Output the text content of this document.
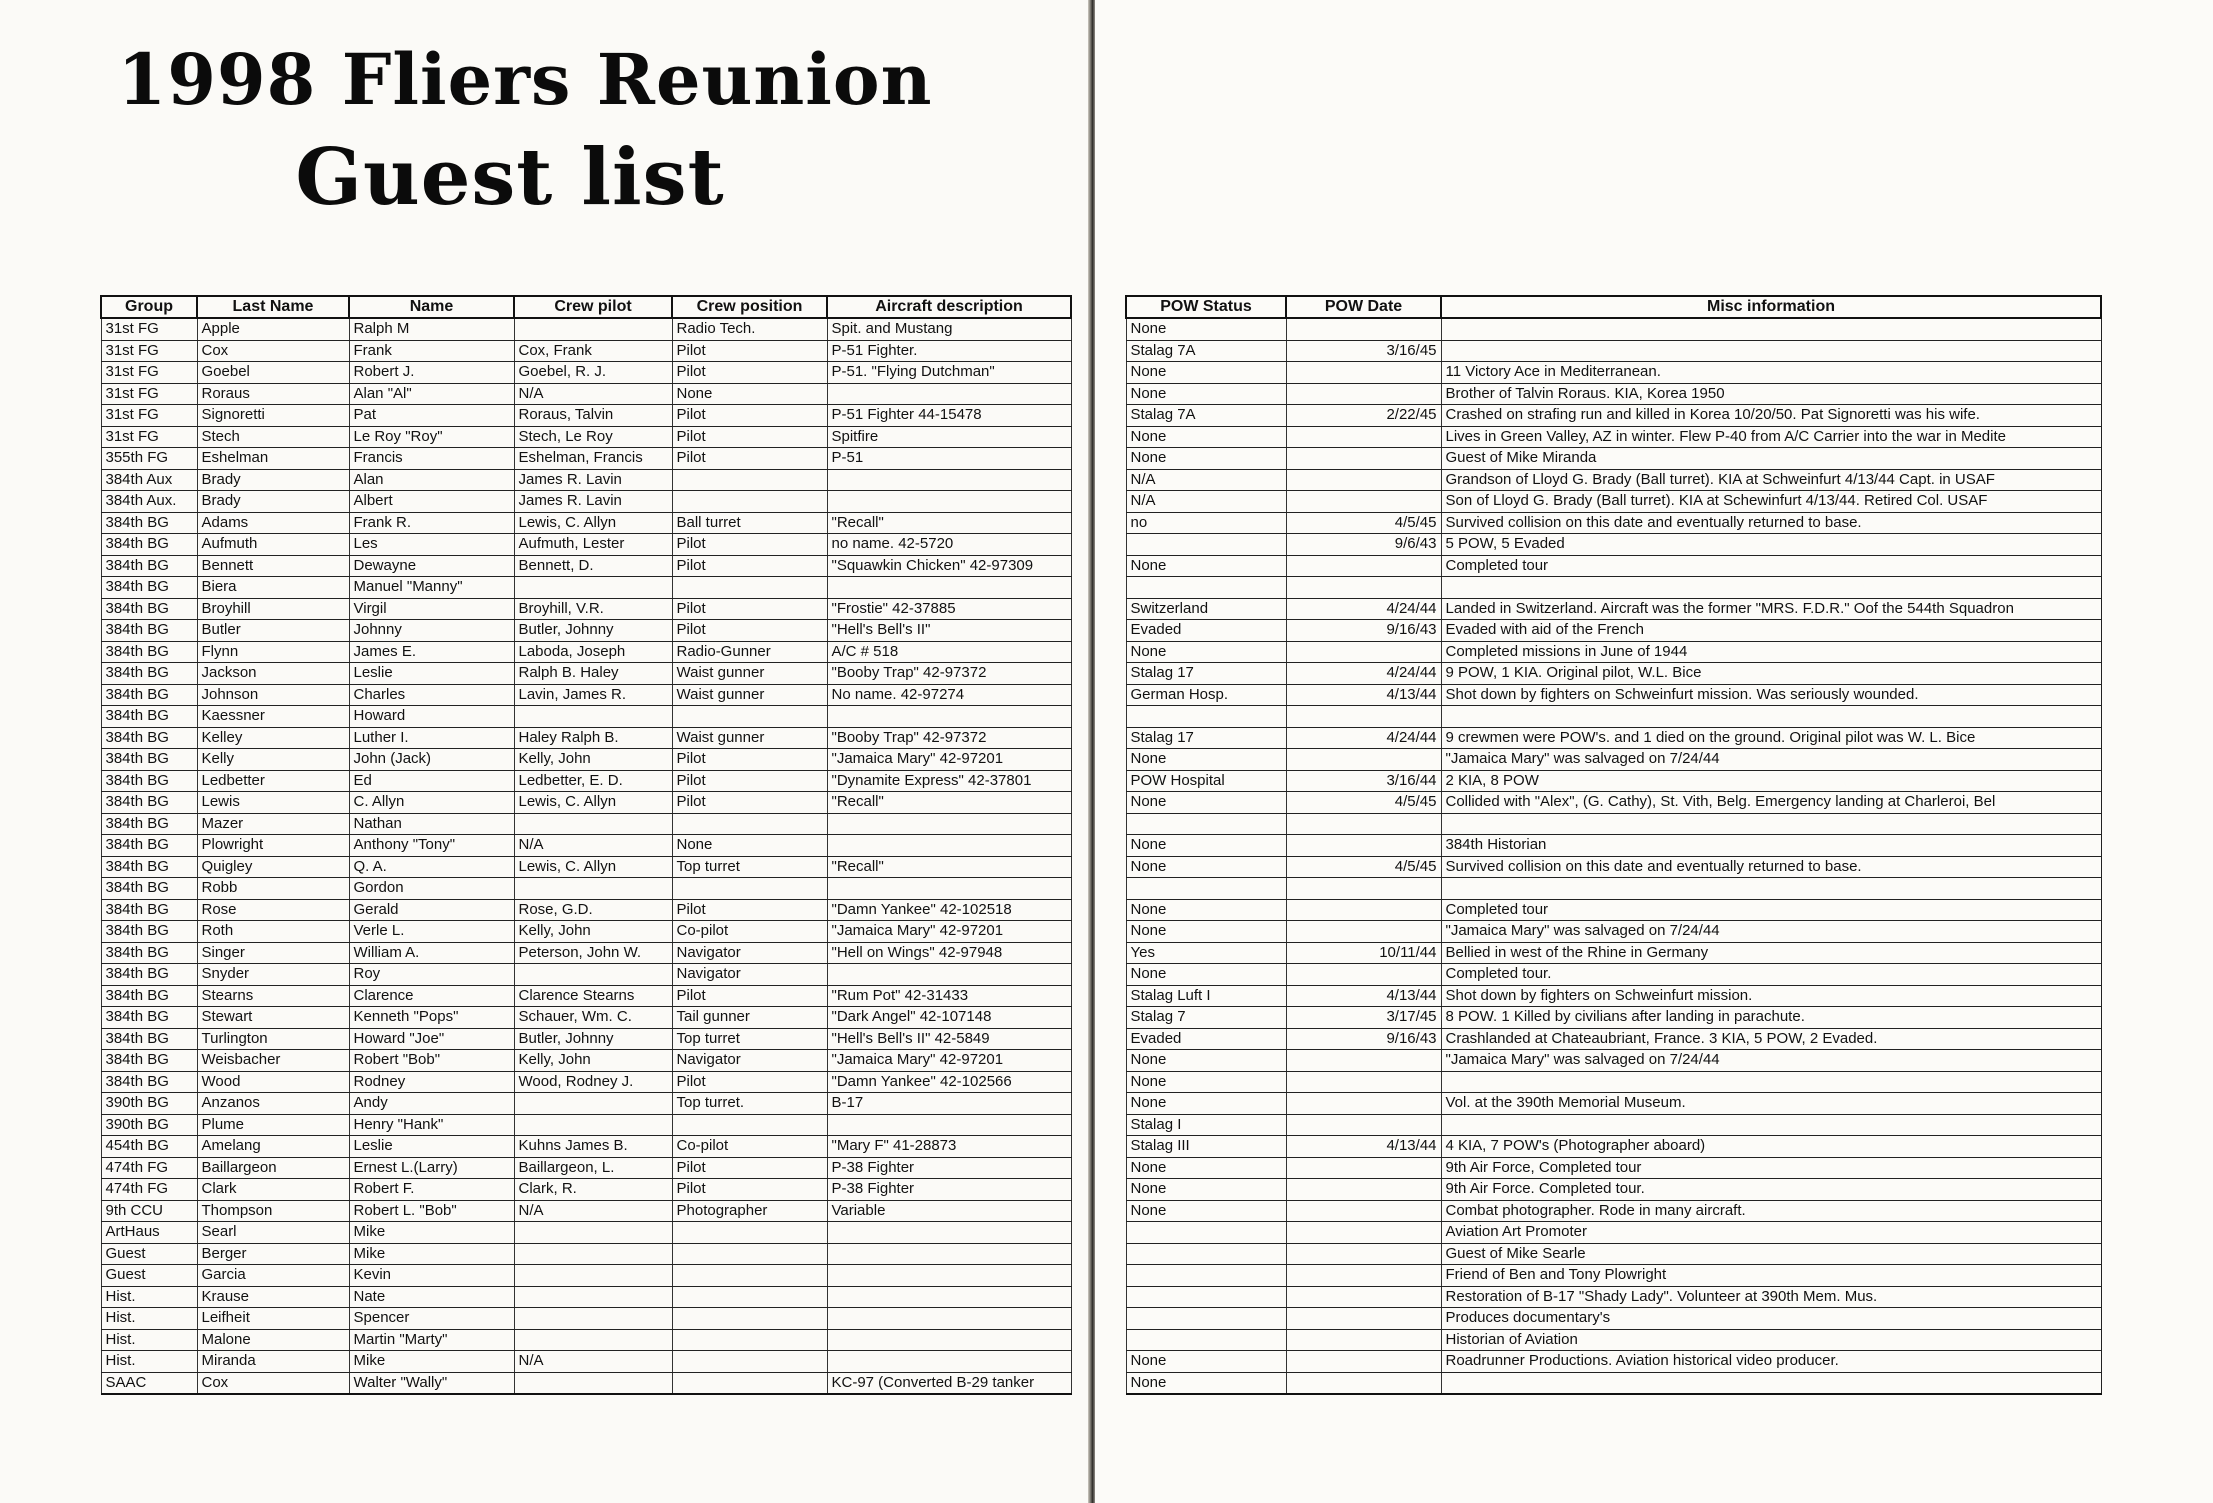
1998 Fliers Reunion
Guest list
Group	Last Name	Name	Crew pilot	Crew position	Aircraft description
31st FG	Apple	Ralph M		Radio Tech.	Spit. and Mustang
31st FG	Cox	Frank	Cox, Frank	Pilot	P-51 Fighter.
31st FG	Goebel	Robert J.	Goebel, R. J.	Pilot	P-51. "Flying Dutchman"
31st FG	Roraus	Alan "Al"	N/A	None	
31st FG	Signoretti	Pat	Roraus, Talvin	Pilot	P-51 Fighter 44-15478
31st FG	Stech	Le Roy "Roy"	Stech, Le Roy	Pilot	Spitfire
355th FG	Eshelman	Francis	Eshelman, Francis	Pilot	P-51
384th Aux	Brady	Alan	James R. Lavin		
384th Aux.	Brady	Albert	James R. Lavin		
384th BG	Adams	Frank R.	Lewis, C. Allyn	Ball turret	"Recall"
384th BG	Aufmuth	Les	Aufmuth, Lester	Pilot	no name. 42-5720
384th BG	Bennett	Dewayne	Bennett, D.	Pilot	"Squawkin Chicken" 42-97309
384th BG	Biera	Manuel "Manny"			
384th BG	Broyhill	Virgil	Broyhill, V.R.	Pilot	"Frostie" 42-37885
384th BG	Butler	Johnny	Butler, Johnny	Pilot	"Hell's Bell's II"
384th BG	Flynn	James E.	Laboda, Joseph	Radio-Gunner	A/C # 518
384th BG	Jackson	Leslie	Ralph B. Haley	Waist gunner	"Booby Trap" 42-97372
384th BG	Johnson	Charles	Lavin, James R.	Waist gunner	No name. 42-97274
384th BG	Kaessner	Howard			
384th BG	Kelley	Luther I.	Haley Ralph B.	Waist gunner	"Booby Trap" 42-97372
384th BG	Kelly	John (Jack)	Kelly, John	Pilot	"Jamaica Mary" 42-97201
384th BG	Ledbetter	Ed	Ledbetter, E. D.	Pilot	"Dynamite Express" 42-37801
384th BG	Lewis	C. Allyn	Lewis, C. Allyn	Pilot	"Recall"
384th BG	Mazer	Nathan			
384th BG	Plowright	Anthony "Tony"	N/A	None	
384th BG	Quigley	Q. A.	Lewis, C. Allyn	Top turret	"Recall"
384th BG	Robb	Gordon			
384th BG	Rose	Gerald	Rose, G.D.	Pilot	"Damn Yankee" 42-102518
384th BG	Roth	Verle L.	Kelly, John	Co-pilot	"Jamaica Mary" 42-97201
384th BG	Singer	William A.	Peterson, John W.	Navigator	"Hell on Wings" 42-97948
384th BG	Snyder	Roy		Navigator	
384th BG	Stearns	Clarence	Clarence Stearns	Pilot	"Rum Pot" 42-31433
384th BG	Stewart	Kenneth "Pops"	Schauer, Wm. C.	Tail gunner	"Dark Angel" 42-107148
384th BG	Turlington	Howard "Joe"	Butler, Johnny	Top turret	"Hell's Bell's II" 42-5849
384th BG	Weisbacher	Robert "Bob"	Kelly, John	Navigator	"Jamaica Mary" 42-97201
384th BG	Wood	Rodney	Wood, Rodney J.	Pilot	"Damn Yankee" 42-102566
390th BG	Anzanos	Andy		Top turret.	B-17
390th BG	Plume	Henry "Hank"			
454th BG	Amelang	Leslie	Kuhns James B.	Co-pilot	"Mary F" 41-28873
474th FG	Baillargeon	Ernest L.(Larry)	Baillargeon, L.	Pilot	P-38 Fighter
474th FG	Clark	Robert F.	Clark, R.	Pilot	P-38 Fighter
9th CCU	Thompson	Robert L. "Bob"	N/A	Photographer	Variable
ArtHaus	Searl	Mike			
Guest	Berger	Mike			
Guest	Garcia	Kevin			
Hist.	Krause	Nate			
Hist.	Leifheit	Spencer			
Hist.	Malone	Martin "Marty"			
Hist.	Miranda	Mike	N/A		
SAAC	Cox	Walter "Wally"			KC-97 (Converted B-29 tanker
POW Status	POW Date	Misc information
None		
Stalag 7A	3/16/45	
None		11 Victory Ace in Mediterranean.
None		Brother of Talvin Roraus. KIA, Korea 1950
Stalag 7A	2/22/45	Crashed on strafing run and killed in Korea 10/20/50. Pat Signoretti was his wife.
None		Lives in Green Valley, AZ in winter. Flew P-40 from A/C Carrier into the war in Medite
None		Guest of Mike Miranda
N/A		Grandson of Lloyd G. Brady (Ball turret). KIA at Schweinfurt 4/13/44 Capt. in USAF
N/A		Son of Lloyd G. Brady (Ball turret). KIA at Schewinfurt 4/13/44. Retired Col. USAF
no	4/5/45	Survived collision on this date and eventually returned to base.
	9/6/43	5 POW, 5 Evaded
None		Completed tour

Switzerland	4/24/44	Landed in Switzerland. Aircraft was the former "MRS. F.D.R." Oof the 544th Squadron
Evaded	9/16/43	Evaded with aid of the French
None		Completed missions in June of 1944
Stalag 17	4/24/44	9 POW, 1 KIA. Original pilot, W.L. Bice
German Hosp.	4/13/44	Shot down by fighters on Schweinfurt mission. Was seriously wounded.

Stalag 17	4/24/44	9 crewmen were POW's. and 1 died on the ground. Original pilot was W. L. Bice
None		"Jamaica Mary" was salvaged on 7/24/44
POW Hospital	3/16/44	2 KIA, 8 POW
None	4/5/45	Collided with "Alex", (G. Cathy), St. Vith, Belg. Emergency landing at Charleroi, Bel

None		384th Historian
None	4/5/45	Survived collision on this date and eventually returned to base.

None		Completed tour
None		"Jamaica Mary" was salvaged on 7/24/44
Yes	10/11/44	Bellied in west of the Rhine in Germany
None		Completed tour.
Stalag Luft I	4/13/44	Shot down by fighters on Schweinfurt mission.
Stalag 7	3/17/45	8 POW. 1 Killed by civilians after landing in parachute.
Evaded	9/16/43	Crashlanded at Chateaubriant, France. 3 KIA, 5 POW, 2 Evaded.
None		"Jamaica Mary" was salvaged on 7/24/44
None		
None		Vol. at the 390th Memorial Museum.
Stalag I		
Stalag III	4/13/44	4 KIA, 7 POW's (Photographer aboard)
None		9th Air Force, Completed tour
None		9th Air Force. Completed tour.
None		Combat photographer. Rode in many aircraft.
		Aviation Art Promoter
		Guest of Mike Searle
		Friend of Ben and Tony Plowright
		Restoration of B-17 "Shady Lady". Volunteer at 390th Mem. Mus.
		Produces documentary's
		Historian of Aviation
None		Roadrunner Productions. Aviation historical video producer.
None		
